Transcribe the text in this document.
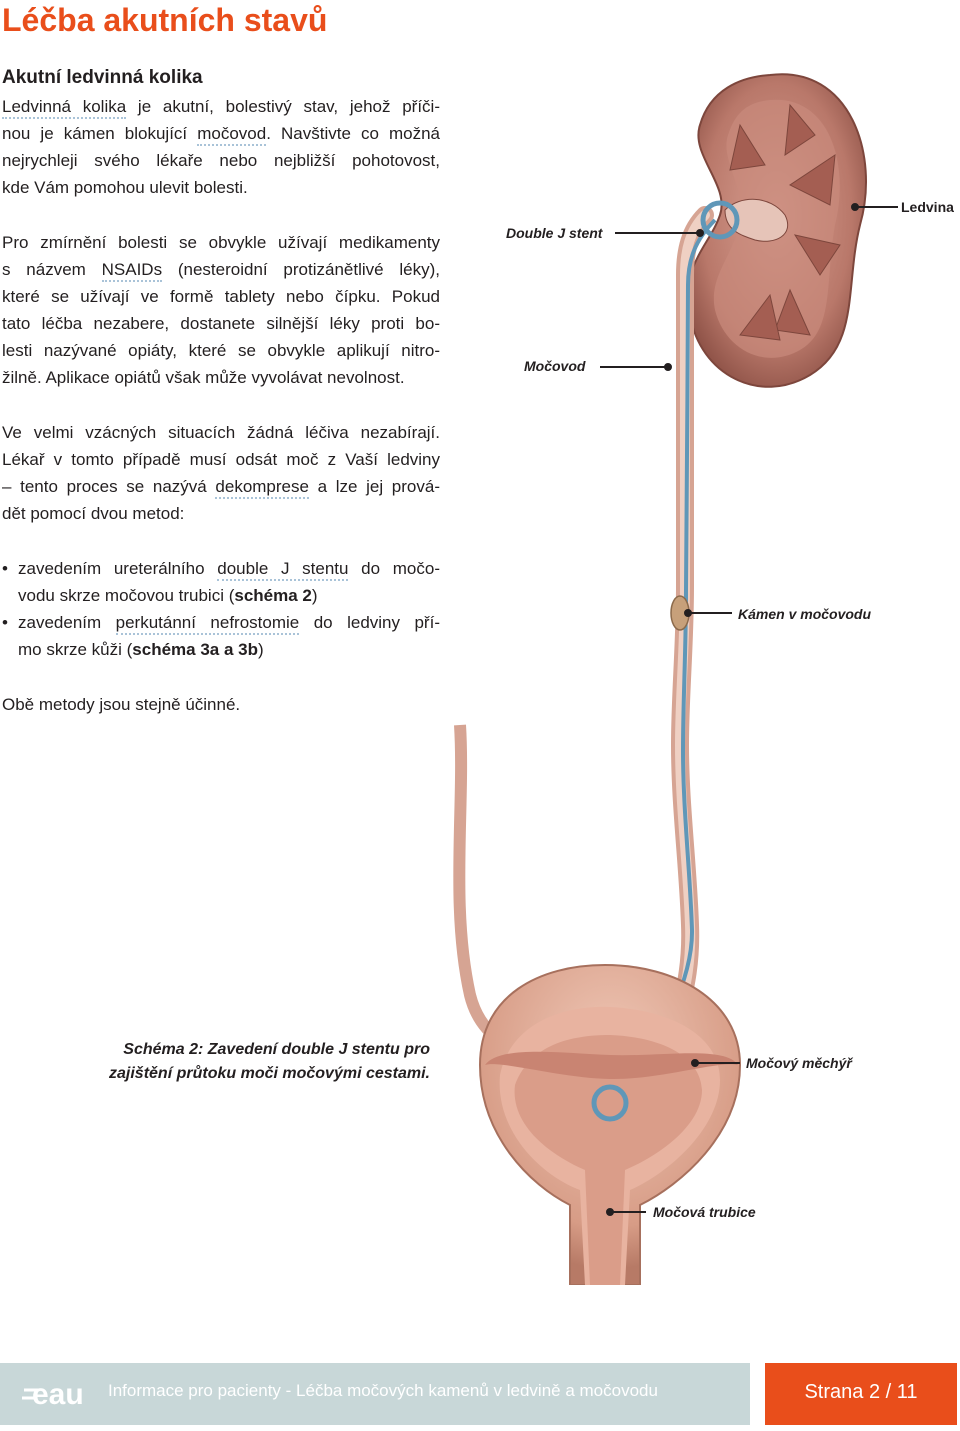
Léčba akutních stavů
Akutní ledvinná kolika

Ledvinná kolika je akutní, bolestivý stav, jehož příči-
nou je kámen blokující močovod. Navštivte co možná
nejrychleji svého lékaře nebo nejbližší pohotovost,
kde Vám pomohou ulevit bolesti.

Pro zmírnění bolesti se obvykle užívají medikamenty
s názvem NSAIDs (nesteroidní protizánětlivé léky),
které se užívají ve formě tablety nebo čípku. Pokud
tato léčba nezabere, dostanete silnější léky proti bo-
lesti nazývané opiáty, které se obvykle aplikují nitro-
žilně. Aplikace opiátů však může vyvolávat nevolnost.

Ve velmi vzácných situacích žádná léčiva nezabírají.
Lékař v tomto případě musí odsát moč z Vaší ledviny
– tento proces se nazývá dekomprese a lze jej prová-
dět pomocí dvou metod:

• zavedením ureterálního double J stentu do močo-
vodu skrze močovou trubici (schéma 2)
• zavedením perkutánní nefrostomie do ledviny pří-
mo skrze kůži (schéma 3a a 3b)

Obě metody jsou stejně účinné.

Ledvina
Double J stent
Močovod
Kámen v močovodu
Močový měchýř
Močová trubice
Schéma 2: Zavedení double J stentu pro
zajištění průtoku moči močovými cestami.
eau Informace pro pacienty - Léčba močových kamenů v ledvině a močovodu	Strana 2 / 11
